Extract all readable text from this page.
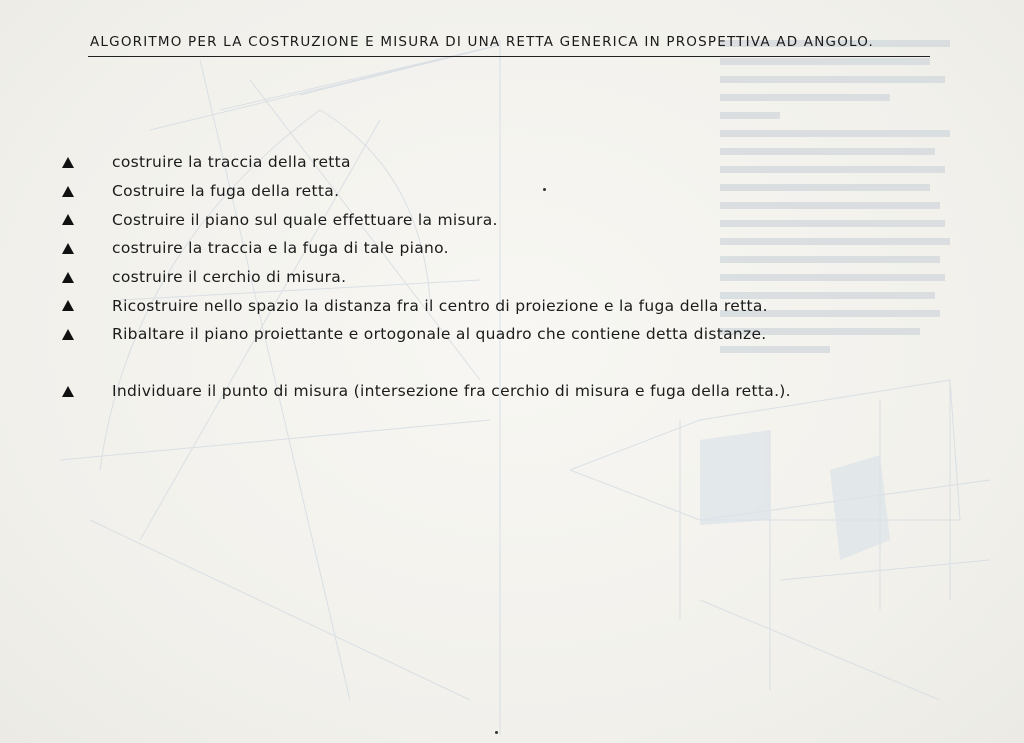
ALGORITMO PER LA COSTRUZIONE E MISURA DI UNA RETTA GENERICA IN PROSPETTIVA AD ANGOLO.
costruire la traccia della retta
Costruire la fuga della retta.
Costruire il piano sul quale effettuare la misura.
costruire la traccia e la fuga di tale piano.
costruire il cerchio di misura.
Ricostruire nello spazio la distanza fra il centro di proiezione e la fuga della retta.
Ribaltare il piano proiettante e ortogonale al quadro che contiene detta distanze.
Individuare il punto di misura (intersezione fra cerchio di misura e fuga della retta.).
